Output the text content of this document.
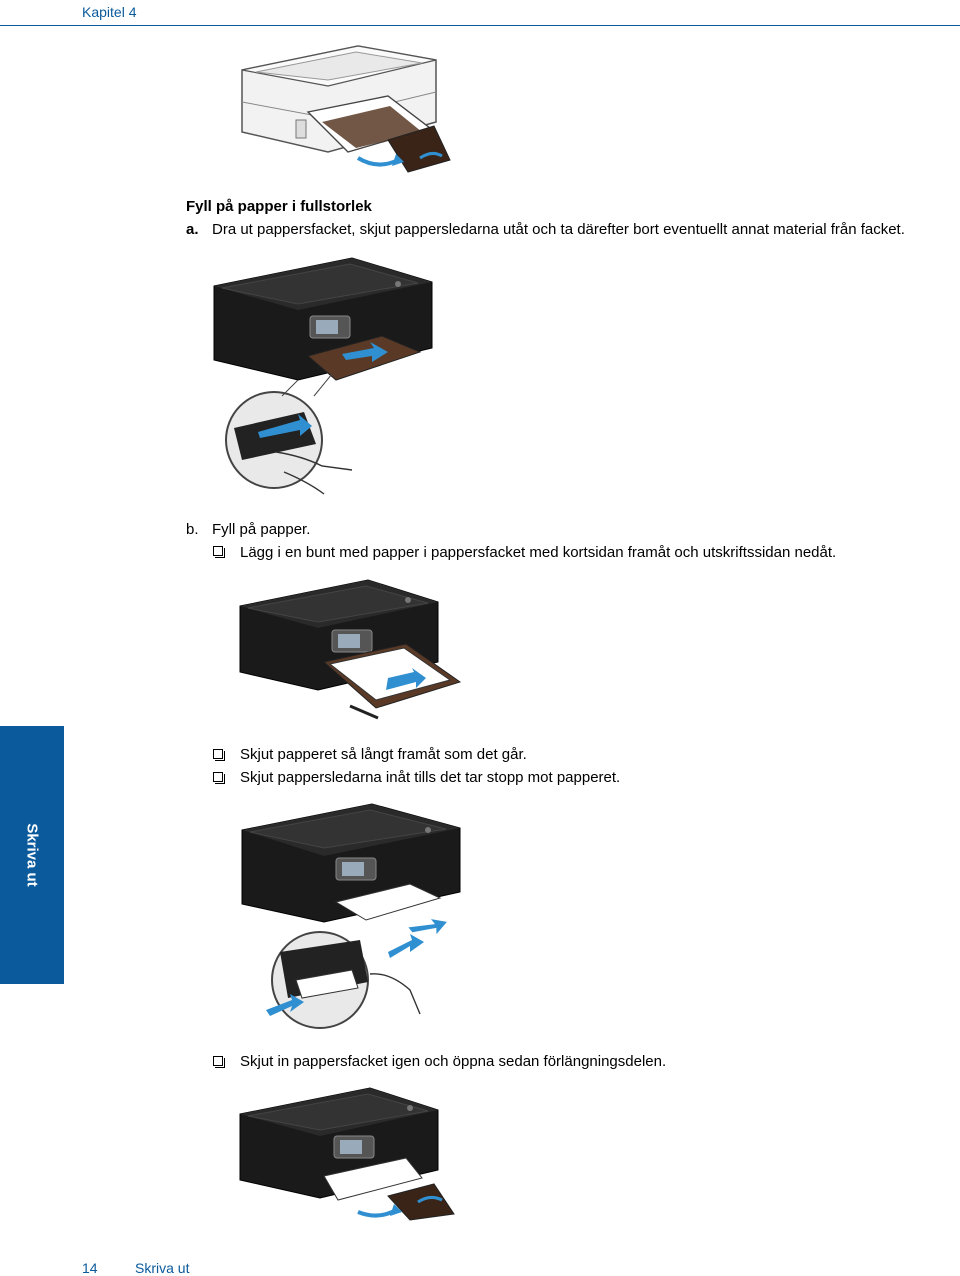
Kapitel 4
Skriva ut
Fyll på papper i fullstorlek
a. Dra ut pappersfacket, skjut pappersledarna utåt och ta därefter bort eventuellt annat material från facket.
b. Fyll på papper.
Lägg i en bunt med papper i pappersfacket med kortsidan framåt och utskriftssidan nedåt.
Skjut papperet så långt framåt som det går.
Skjut pappersledarna inåt tills det tar stopp mot papperet.
Skjut in pappersfacket igen och öppna sedan förlängningsdelen.
14	Skriva ut
